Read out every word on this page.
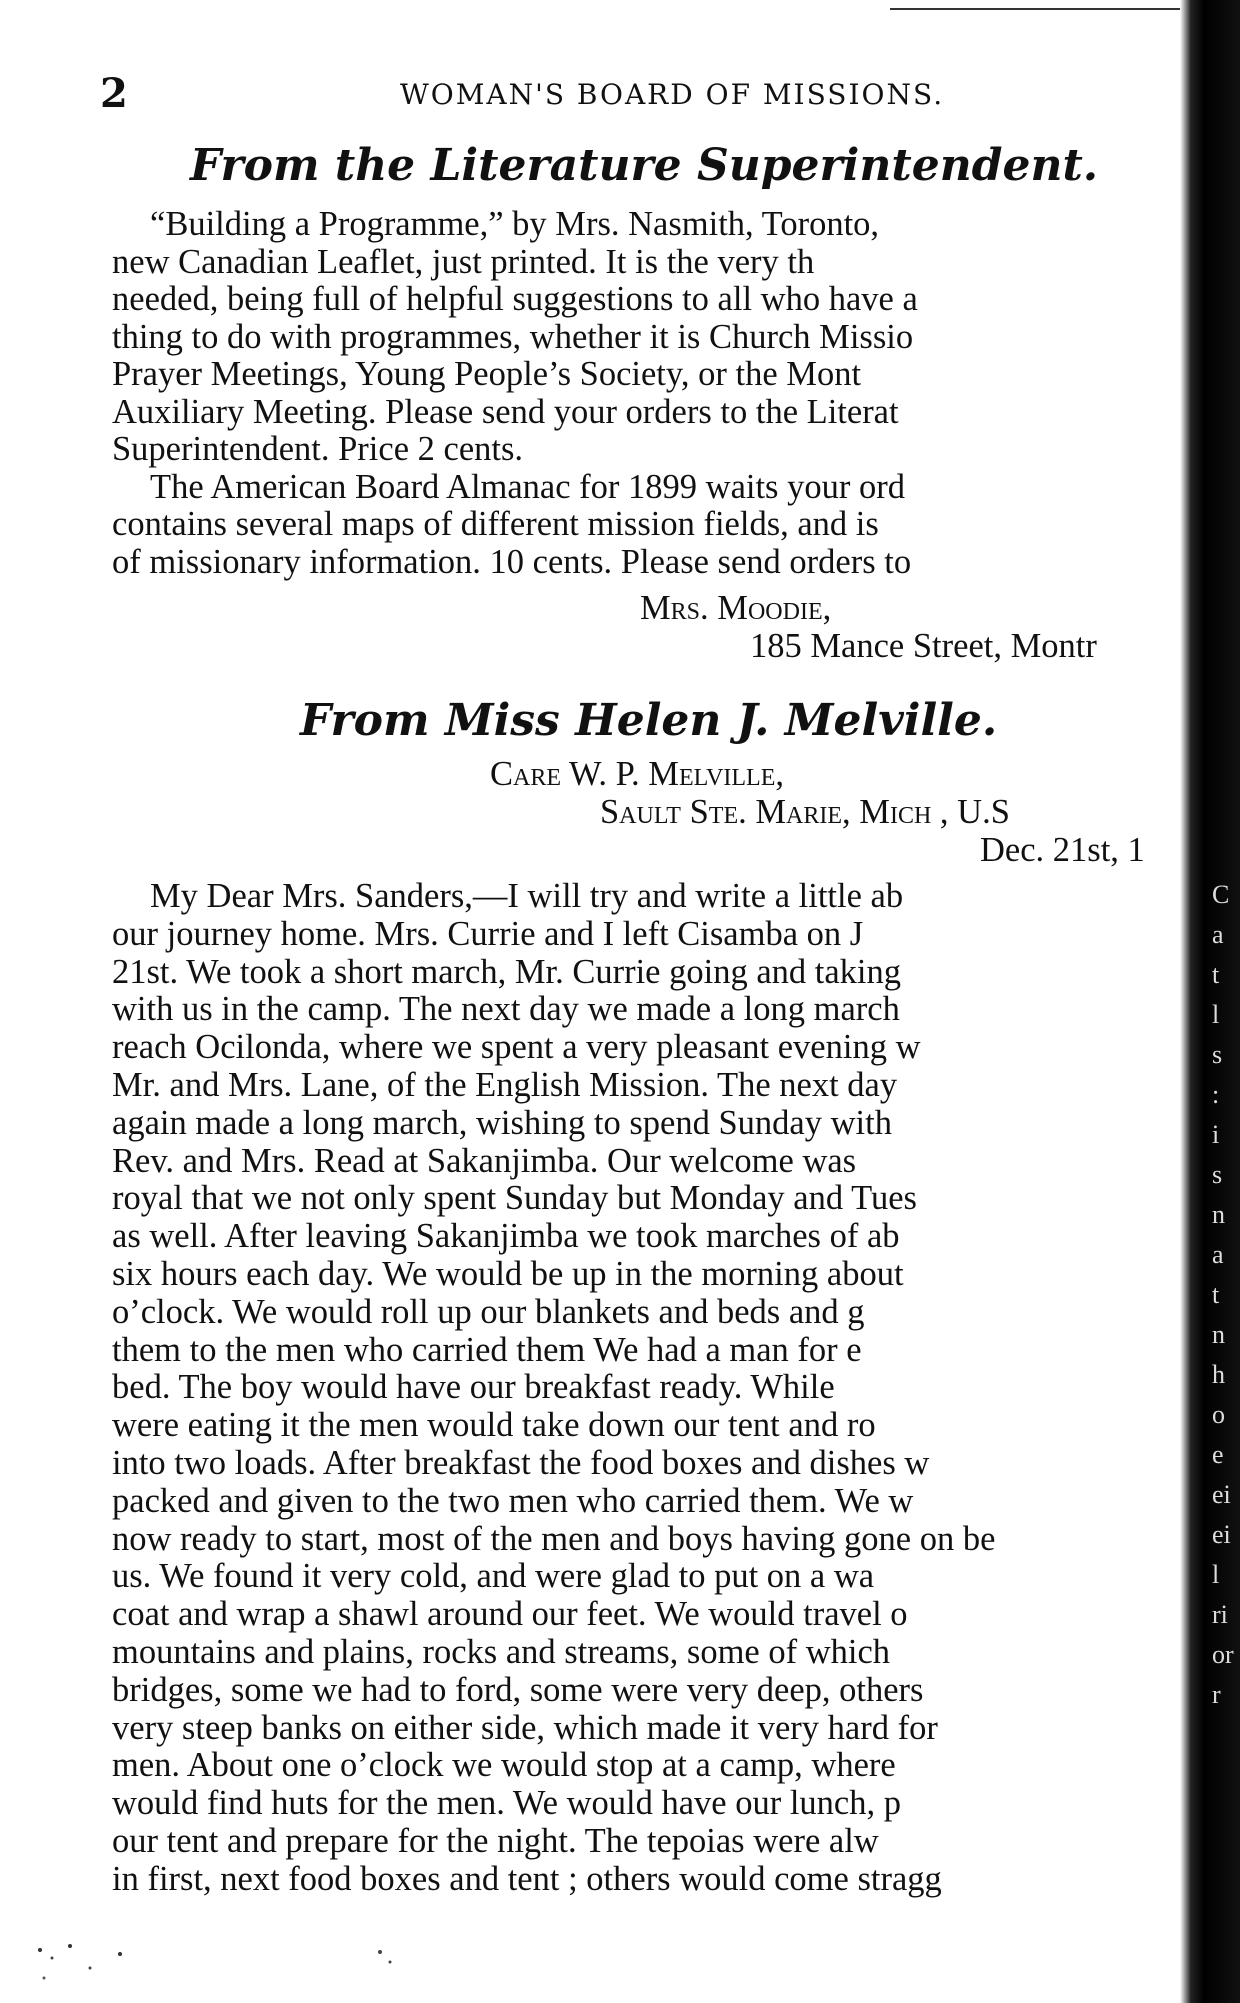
2	WOMAN'S BOARD OF MISSIONS.
From the Literature Superintendent.
“Building a Programme,” by Mrs. Nasmith, Toronto,
new Canadian Leaflet, just printed. It is the very th
needed, being full of helpful suggestions to all who have a
thing to do with programmes, whether it is Church Missio
Prayer Meetings, Young People’s Society, or the Mont
Auxiliary Meeting. Please send your orders to the Literat
Superintendent. Price 2 cents.
The American Board Almanac for 1899 waits your ord
contains several maps of different mission fields, and is
of missionary information. 10 cents. Please send orders to
Mrs. Moodie,
185 Mance Street, Montr
From Miss Helen J. Melville.
Care W. P. Melville,
Sault Ste. Marie, Mich , U.S
Dec. 21st, 1
My Dear Mrs. Sanders,—I will try and write a little ab
our journey home. Mrs. Currie and I left Cisamba on J
21st. We took a short march, Mr. Currie going and taking
with us in the camp. The next day we made a long march
reach Ocilonda, where we spent a very pleasant evening w
Mr. and Mrs. Lane, of the English Mission. The next day
again made a long march, wishing to spend Sunday with
Rev. and Mrs. Read at Sakanjimba. Our welcome was
royal that we not only spent Sunday but Monday and Tues
as well. After leaving Sakanjimba we took marches of ab
six hours each day. We would be up in the morning about
o’clock. We would roll up our blankets and beds and g
them to the men who carried them We had a man for e
bed. The boy would have our breakfast ready. While
were eating it the men would take down our tent and ro
into two loads. After breakfast the food boxes and dishes w
packed and given to the two men who carried them. We w
now ready to start, most of the men and boys having gone on be
us. We found it very cold, and were glad to put on a wa
coat and wrap a shawl around our feet. We would travel o
mountains and plains, rocks and streams, some of which
bridges, some we had to ford, some were very deep, others
very steep banks on either side, which made it very hard for
men. About one o’clock we would stop at a camp, where
would find huts for the men. We would have our lunch, p
our tent and prepare for the night. The tepoias were alw
in first, next food boxes and tent ; others would come stragg
C
a
t
l
s
:
i
s
n
a
t
n
h
o
e
ei
ei
l
ri
or
r
